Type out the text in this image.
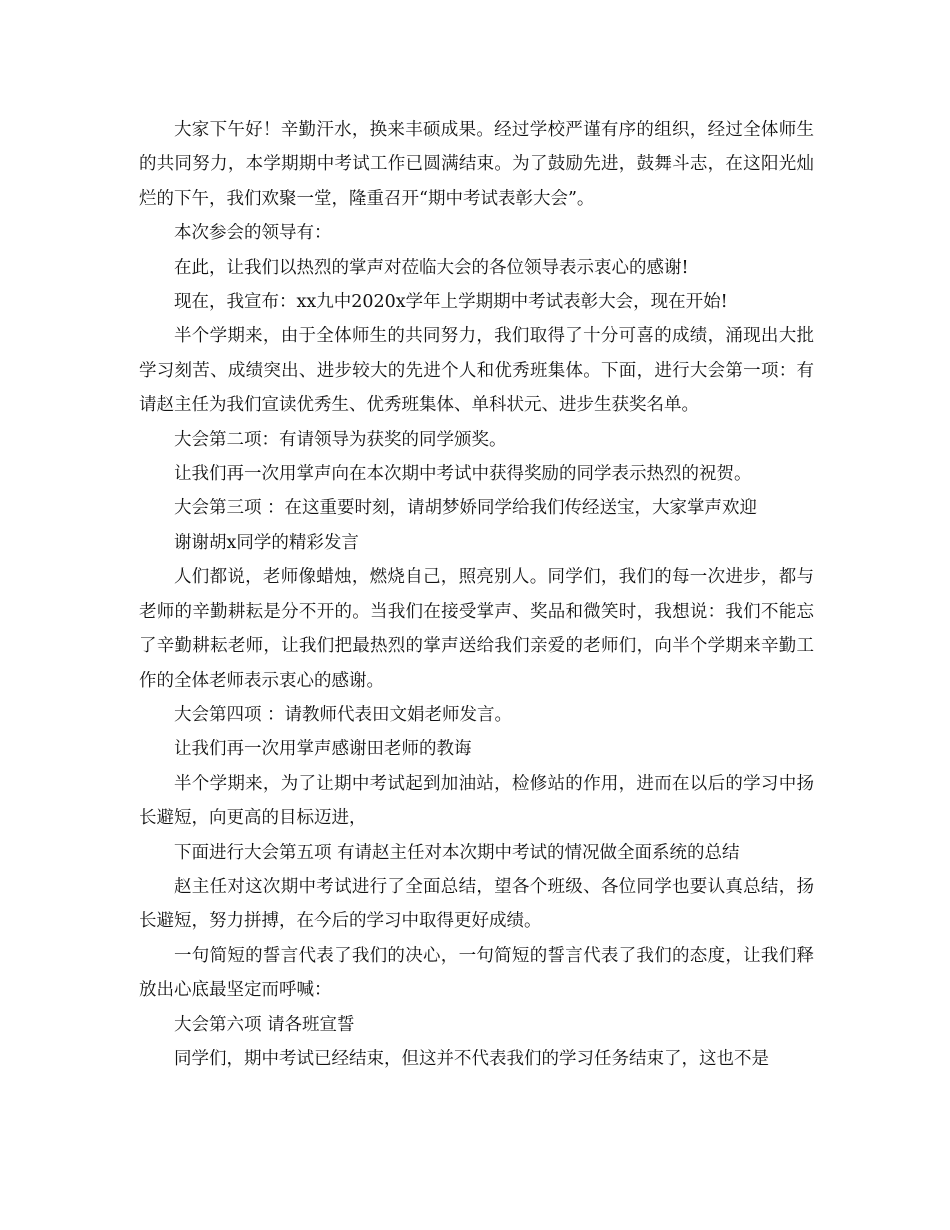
大家下午好！辛勤汗水，换来丰硕成果。经过学校严谨有序的组织，经过全体师生的共同努力，本学期期中考试工作已圆满结束。为了鼓励先进，鼓舞斗志，在这阳光灿烂的下午，我们欢聚一堂，隆重召开“期中考试表彰大会”。

本次参会的领导有：

在此，让我们以热烈的掌声对莅临大会的各位领导表示衷心的感谢!

现在，我宣布：xx九中2020x学年上学期期中考试表彰大会，现在开始!

半个学期来，由于全体师生的共同努力，我们取得了十分可喜的成绩，涌现出大批学习刻苦、成绩突出、进步较大的先进个人和优秀班集体。下面，进行大会第一项：有请赵主任为我们宣读优秀生、优秀班集体、单科状元、进步生获奖名单。

大会第二项：有请领导为获奖的同学颁奖。

让我们再一次用掌声向在本次期中考试中获得奖励的同学表示热烈的祝贺。

大会第三项 ：在这重要时刻，请胡梦娇同学给我们传经送宝，大家掌声欢迎

谢谢胡x同学的精彩发言

人们都说，老师像蜡烛，燃烧自己，照亮别人。同学们，我们的每一次进步，都与老师的辛勤耕耘是分不开的。当我们在接受掌声、奖品和微笑时，我想说：我们不能忘了辛勤耕耘老师，让我们把最热烈的掌声送给我们亲爱的老师们，向半个学期来辛勤工作的全体老师表示衷心的感谢。

大会第四项 ：请教师代表田文娟老师发言。

让我们再一次用掌声感谢田老师的教诲

半个学期来，为了让期中考试起到加油站，检修站的作用，进而在以后的学习中扬长避短，向更高的目标迈进，

下面进行大会第五项 有请赵主任对本次期中考试的情况做全面系统的总结

赵主任对这次期中考试进行了全面总结，望各个班级、各位同学也要认真总结，扬长避短，努力拼搏，在今后的学习中取得更好成绩。

一句简短的誓言代表了我们的决心，一句简短的誓言代表了我们的态度，让我们释放出心底最坚定而呼喊：

大会第六项 请各班宣誓

同学们，期中考试已经结束，但这并不代表我们的学习任务结束了，这也不是
